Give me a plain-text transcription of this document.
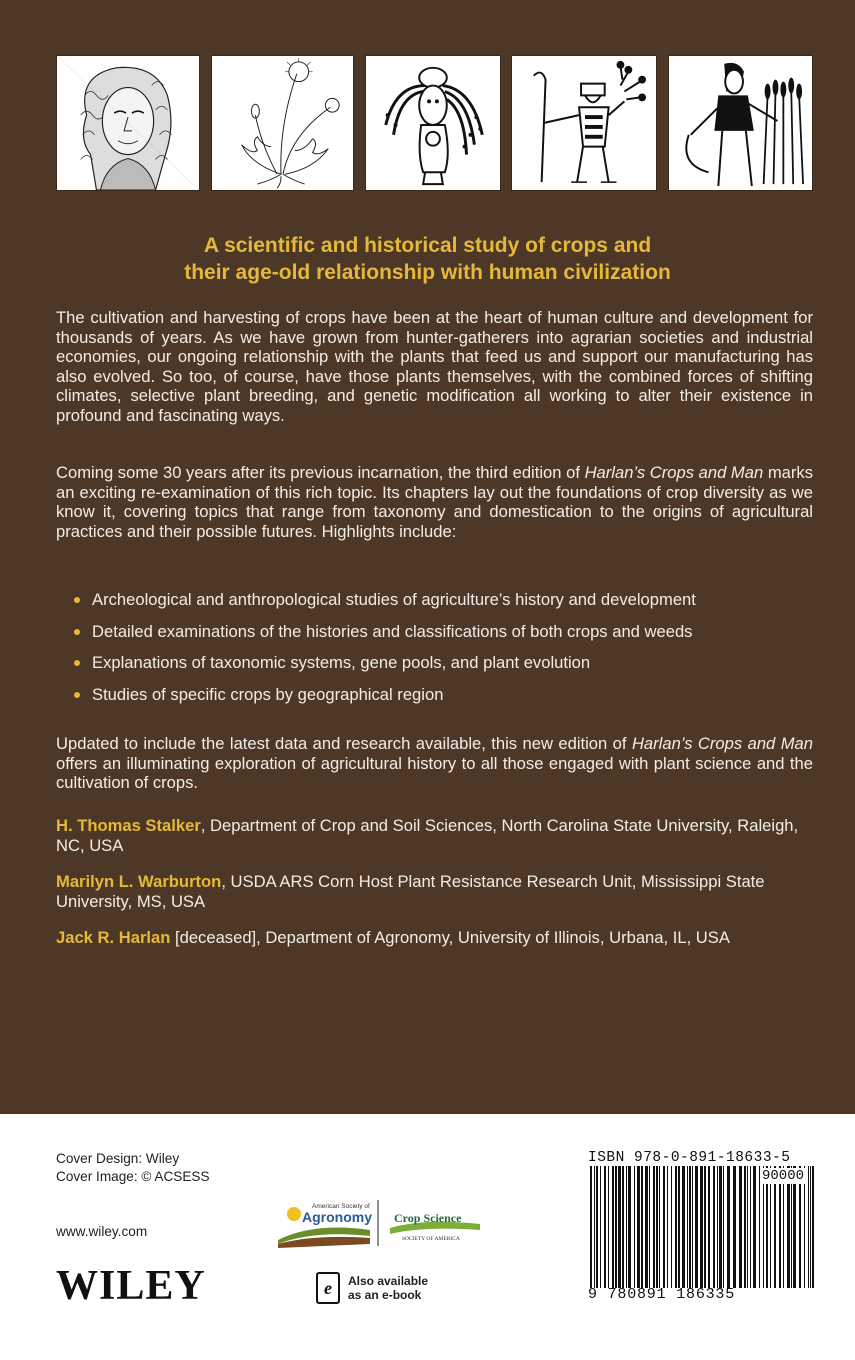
A scientific and historical study of crops and
their age-old relationship with human civilization

The cultivation and harvesting of crops have been at the heart of human culture and development for thousands of years. As we have grown from hunter-gatherers into agrarian societies and industrial economies, our ongoing relationship with the plants that feed us and support our manufacturing has also evolved. So too, of course, have those plants themselves, with the combined forces of shifting climates, selective plant breeding, and genetic modification all working to alter their existence in profound and fascinating ways.

Coming some 30 years after its previous incarnation, the third edition of Harlan’s Crops and Man marks an exciting re-examination of this rich topic. Its chapters lay out the foundations of crop diversity as we know it, covering topics that range from taxonomy and domestication to the origins of agricultural practices and their possible futures. Highlights include:

Archeological and anthropological studies of agriculture’s history and development
Detailed examinations of the histories and classifications of both crops and weeds
Explanations of taxonomic systems, gene pools, and plant evolution
Studies of specific crops by geographical region

Updated to include the latest data and research available, this new edition of Harlan’s Crops and Man offers an illuminating exploration of agricultural history to all those engaged with plant science and the cultivation of crops.

H. Thomas Stalker, Department of Crop and Soil Sciences, North Carolina State University, Raleigh, NC, USA

Marilyn L. Warburton, USDA ARS Corn Host Plant Resistance Research Unit, Mississippi State University, MS, USA

Jack R. Harlan [deceased], Department of Agronomy, University of Illinois, Urbana, IL, USA

Cover Design: Wiley
Cover Image: © ACSESS
www.wiley.com
WILEY
American Society of
Agronomy Crop Science
SOCIETY OF AMERICA
e Also available
as an e-book
ISBN 978-0-891-18633-5
90000
9 780891 186335
